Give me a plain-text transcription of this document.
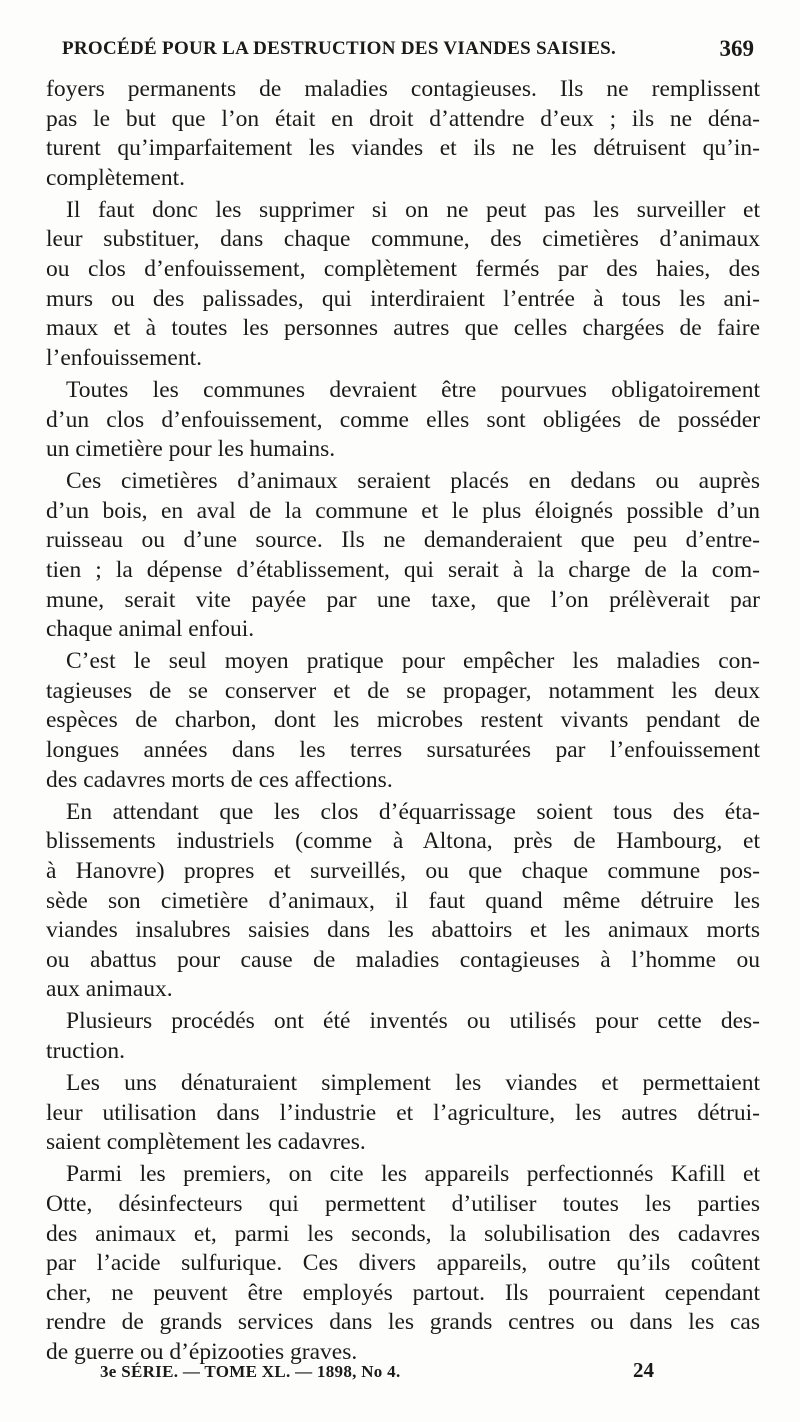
PROCÉDÉ POUR LA DESTRUCTION DES VIANDES SAISIES.	369
foyers permanents de maladies contagieuses. Ils ne remplissent
pas le but que l’on était en droit d’attendre d’eux ; ils ne déna-
turent qu’imparfaitement les viandes et ils ne les détruisent qu’in-
complètement.
Il faut donc les supprimer si on ne peut pas les surveiller et
leur substituer, dans chaque commune, des cimetières d’animaux
ou clos d’enfouissement, complètement fermés par des haies, des
murs ou des palissades, qui interdiraient l’entrée à tous les ani-
maux et à toutes les personnes autres que celles chargées de faire
l’enfouissement.
Toutes les communes devraient être pourvues obligatoirement
d’un clos d’enfouissement, comme elles sont obligées de posséder
un cimetière pour les humains.
Ces cimetières d’animaux seraient placés en dedans ou auprès
d’un bois, en aval de la commune et le plus éloignés possible d’un
ruisseau ou d’une source. Ils ne demanderaient que peu d’entre-
tien ; la dépense d’établissement, qui serait à la charge de la com-
mune, serait vite payée par une taxe, que l’on prélèverait par
chaque animal enfoui.
C’est le seul moyen pratique pour empêcher les maladies con-
tagieuses de se conserver et de se propager, notamment les deux
espèces de charbon, dont les microbes restent vivants pendant de
longues années dans les terres sursaturées par l’enfouissement
des cadavres morts de ces affections.
En attendant que les clos d’équarrissage soient tous des éta-
blissements industriels (comme à Altona, près de Hambourg, et
à Hanovre) propres et surveillés, ou que chaque commune pos-
sède son cimetière d’animaux, il faut quand même détruire les
viandes insalubres saisies dans les abattoirs et les animaux morts
ou abattus pour cause de maladies contagieuses à l’homme ou
aux animaux.
Plusieurs procédés ont été inventés ou utilisés pour cette des-
truction.
Les uns dénaturaient simplement les viandes et permettaient
leur utilisation dans l’industrie et l’agriculture, les autres détrui-
saient complètement les cadavres.
Parmi les premiers, on cite les appareils perfectionnés Kafill et
Otte, désinfecteurs qui permettent d’utiliser toutes les parties
des animaux et, parmi les seconds, la solubilisation des cadavres
par l’acide sulfurique. Ces divers appareils, outre qu’ils coûtent
cher, ne peuvent être employés partout. Ils pourraient cependant
rendre de grands services dans les grands centres ou dans les cas
de guerre ou d’épizooties graves.
3e SÉRIE. — TOME XL. — 1898, No 4.	24
